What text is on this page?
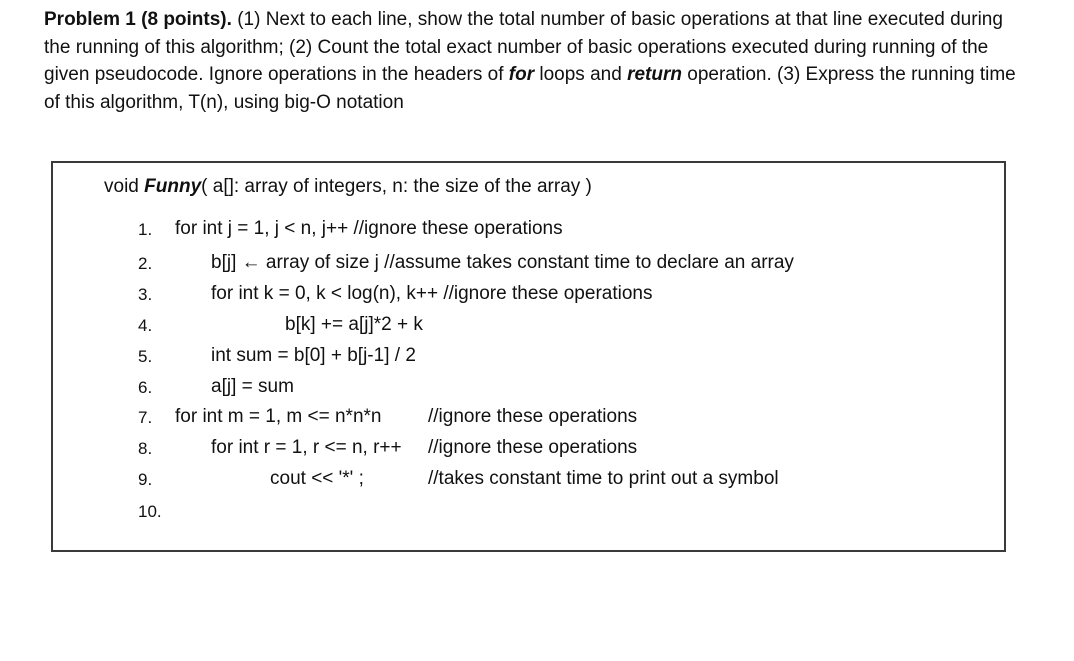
Problem 1 (8 points). (1) Next to each line, show the total number of basic operations at that line executed during the running of this algorithm; (2) Count the total exact number of basic operations executed during running of the given pseudocode. Ignore operations in the headers of for loops and return operation. (3) Express the running time of this algorithm, T(n), using big-O notation

void Funny( a[]: array of integers, n: the size of the array )
1.	for int j = 1, j < n, j++ //ignore these operations
2.	b[j] ← array of size j //assume takes constant time to declare an array
3.	for int k = 0, k < log(n), k++ //ignore these operations
4.	b[k] += a[j]*2 + k
5.	int sum = b[0] + b[j-1] / 2
6.	a[j] = sum
7.	for int m = 1, m <= n*n*n //ignore these operations
8.	for int r = 1, r <= n, r++ //ignore these operations
9.	cout << '*' ;	//takes constant time to print out a symbol
10.
